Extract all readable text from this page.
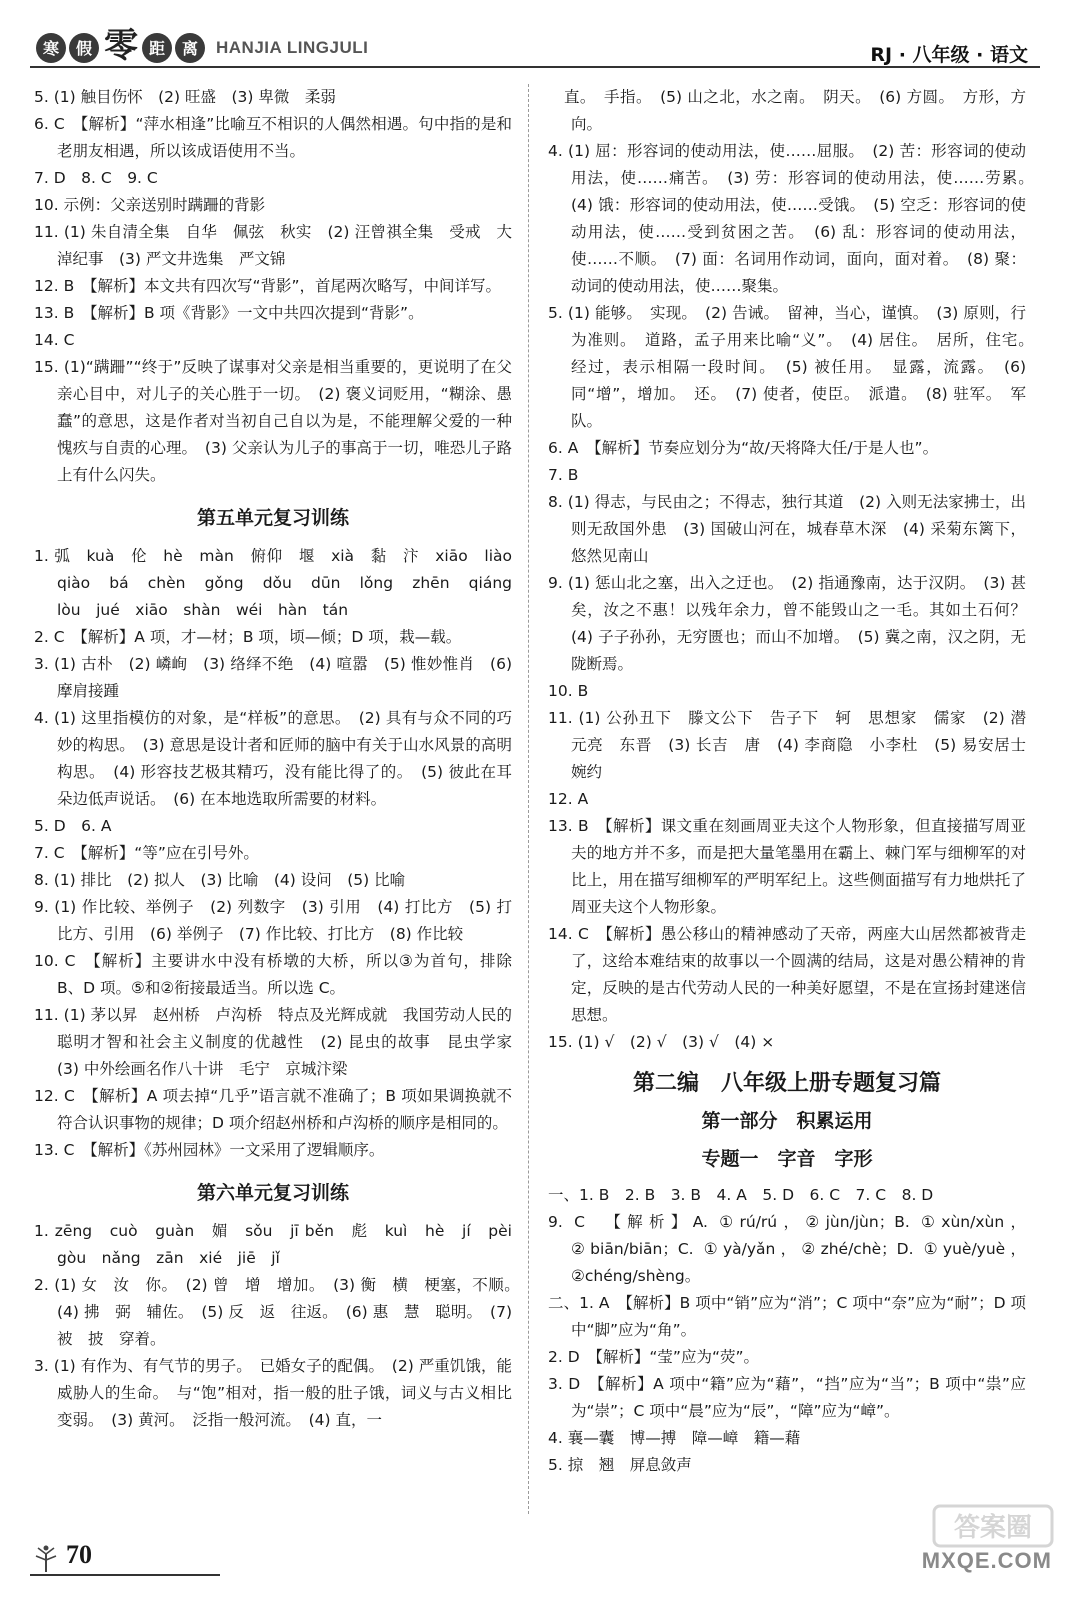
寒	假 零 距	离	HANJIA LINGJULI	RJ · 八年级 · 语文
5. (1) 触目伤怀　(2) 旺盛　(3) 卑微　柔弱
6. C　【解析】“萍水相逢”比喻互不相识的人偶然相遇。句中指的是和老朋友相遇，所以该成语使用不当。
7. D　8. C　9. C
10. 示例：父亲送别时蹒跚的背影
11. (1) 朱自清全集　自华　佩弦　秋实　(2) 汪曾祺全集　受戒　大淖纪事　(3) 严文井选集　严文锦
12. B　【解析】本文共有四次写“背影”，首尾两次略写，中间详写。
13. B　【解析】B 项《背影》一文中共四次提到“背影”。
14. C
15. (1)“蹒跚”“终于”反映了谋事对父亲是相当重要的，更说明了在父亲心目中，对儿子的关心胜于一切。　(2) 褒义词贬用，“糊涂、愚蠢”的意思，这是作者对当初自己自以为是，不能理解父爱的一种愧疚与自责的心理。　(3) 父亲认为儿子的事高于一切，唯恐儿子路上有什么闪失。
第五单元复习训练
1. 弧　kuà　伦　hè　màn　俯仰　堰　xià　黏　汴　xiāo　liào　qiào　bá　chèn　gǒng　dǒu　dūn　lǒng　zhēn　qiáng　lòu　jué　xiāo　shàn　wéi　hàn　tán
2. C　【解析】A 项，才—材；B 项，顷—倾；D 项，栽—载。
3. (1) 古朴　(2) 嶙峋　(3) 络绎不绝　(4) 喧嚣　(5) 惟妙惟肖　(6) 摩肩接踵
4. (1) 这里指模仿的对象，是“样板”的意思。　(2) 具有与众不同的巧妙的构思。　(3) 意思是设计者和匠师的脑中有关于山水风景的高明构思。　(4) 形容技艺极其精巧，没有能比得了的。　(5) 彼此在耳朵边低声说话。　(6) 在本地选取所需要的材料。
5. D　6. A
7. C　【解析】“等”应在引号外。
8. (1) 排比　(2) 拟人　(3) 比喻　(4) 设问　(5) 比喻
9. (1) 作比较、举例子　(2) 列数字　(3) 引用　(4) 打比方　(5) 打比方、引用　(6) 举例子　(7) 作比较、打比方　(8) 作比较
10. C　【解析】主要讲水中没有桥墩的大桥，所以③为首句，排除 B、D 项。⑤和②衔接最适当。所以选 C。
11. (1) 茅以昇　赵州桥　卢沟桥　特点及光辉成就　我国劳动人民的聪明才智和社会主义制度的优越性　(2) 昆虫的故事　昆虫学家　(3) 中外绘画名作八十讲　毛宁　京城汴梁
12. C　【解析】A 项去掉“几乎”语言就不准确了；B 项如果调换就不符合认识事物的规律；D 项介绍赵州桥和卢沟桥的顺序是相同的。
13. C　【解析】《苏州园林》一文采用了逻辑顺序。
第六单元复习训练
1. zēng　cuò　guàn　媚　sǒu　jī běn　彪　kuì　hè　jí　pèi　gòu　nǎng　zān　xié　jiē　jǐ
2. (1) 女　汝　你。　(2) 曾　增　增加。　(3) 衡　横　梗塞，不顺。　(4) 拂　弼　辅佐。　(5) 反　返　往返。　(6) 惠　慧　聪明。　(7) 被　披　穿着。
3. (1) 有作为、有气节的男子。　已婚女子的配偶。　(2) 严重饥饿，能威胁人的生命。　与“饱”相对，指一般的肚子饿，词义与古义相比变弱。　(3) 黄河。　泛指一般河流。　(4) 直，一
　直。　手指。　(5) 山之北，水之南。　阴天。　(6) 方圆。　方形，方向。
4. (1) 屈：形容词的使动用法，使……屈服。　(2) 苦：形容词的使动用法，使……痛苦。　(3) 劳：形容词的使动用法，使……劳累。　(4) 饿：形容词的使动用法，使……受饿。　(5) 空乏：形容词的使动用法，使……受到贫困之苦。　(6) 乱：形容词的使动用法，使……不顺。　(7) 面：名词用作动词，面向，面对着。　(8) 聚：动词的使动用法，使……聚集。
5. (1) 能够。　实现。　(2) 告诫。　留神，当心，谨慎。　(3) 原则，行为准则。　道路，孟子用来比喻“义”。　(4) 居住。　居所，住宅。　经过，表示相隔一段时间。　(5) 被任用。　显露，流露。　(6) 同“增”，增加。　还。　(7) 使者，使臣。　派遣。　(8) 驻军。　军队。
6. A　【解析】节奏应划分为“故/天将降大任/于是人也”。
7. B
8. (1) 得志，与民由之；不得志，独行其道　(2) 入则无法家拂士，出则无敌国外患　(3) 国破山河在，城春草木深　(4) 采菊东篱下，悠然见南山
9. (1) 惩山北之塞，出入之迂也。　(2) 指通豫南，达于汉阴。　(3) 甚矣，汝之不惠！以残年余力，曾不能毁山之一毛。其如土石何？　(4) 子子孙孙，无穷匮也；而山不加增。　(5) 冀之南，汉之阴，无陇断焉。
10. B
11. (1) 公孙丑下　滕文公下　告子下　轲　思想家　儒家　(2) 潜　元亮　东晋　(3) 长吉　唐　(4) 李商隐　小李杜　(5) 易安居士　婉约
12. A
13. B　【解析】课文重在刻画周亚夫这个人物形象，但直接描写周亚夫的地方并不多，而是把大量笔墨用在霸上、棘门军与细柳军的对比上，用在描写细柳军的严明军纪上。这些侧面描写有力地烘托了周亚夫这个人物形象。
14. C　【解析】愚公移山的精神感动了天帝，两座大山居然都被背走了，这给本难结束的故事以一个圆满的结局，这是对愚公精神的肯定，反映的是古代劳动人民的一种美好愿望，不是在宣扬封建迷信思想。
15. (1) √　(2) √　(3) √　(4) ×
第二编　八年级上册专题复习篇
第一部分　积累运用
专题一　字音　字形
一、1. B　2. B　3. B　4. A　5. D　6. C　7. C　8. D
9. C　【解析】A. ①rú/rú，②jùn/jùn；B. ①xùn/xùn，②biān/biān；C. ①yà/yǎn，②zhé/chè；D. ①yuè/yuè，②chéng/shèng。
二、1. A　【解析】B 项中“销”应为“消”；C 项中“奈”应为“耐”；D 项中“脚”应为“角”。
2. D　【解析】“莹”应为“荧”。
3. D　【解析】A 项中“籍”应为“藉”，“挡”应为“当”；B 项中“祟”应为“崇”；C 项中“晨”应为“辰”，“障”应为“嶂”。
4. 襄—囊　博—搏　障—嶂　籍—藉
5. 掠　翘　屏息敛声
70
答案圈
MXQE.COM
